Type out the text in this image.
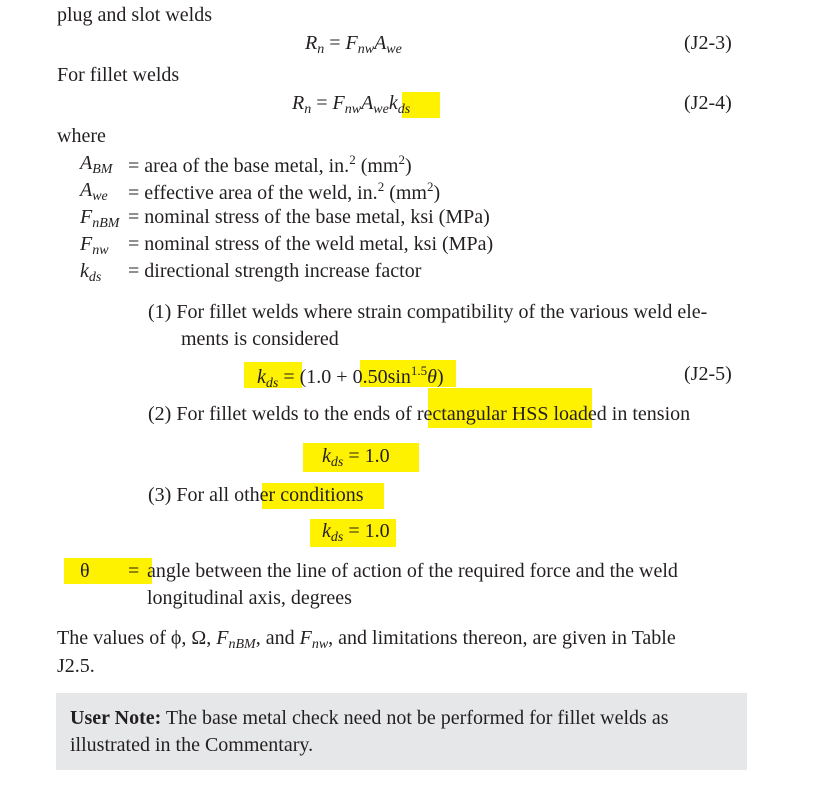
plug and slot welds
$R_n = F_{nw}A_{we}$	(J2-3)
For fillet welds
$R_n = F_{nw}A_{we}k_{ds}$	(J2-4)
where
$A_{BM}$ = area of the base metal, in.$^2$ $(mm^2)$
$A_{we}$ = effective area of the weld, in.$^2$ $(mm^2)$
$F_{nBM}$ = nominal stress of the base metal, ksi (MPa)
$F_{nw}$ = nominal stress of the weld metal, ksi (MPa)
$k_{ds}$ = directional strength increase factor
(1) For fillet welds where strain compatibility of the various weld ele-
ments is considered
$k_{ds} = (1.0 + 0.50\sin^{1.5}\theta)$	(J2-5)
(2) For fillet welds to the ends of rectangular HSS loaded in tension
$k_{ds} = 1.0$
(3) For all other conditions
$k_{ds} = 1.0$
θ = angle between the line of action of the required force and the weld
longitudinal axis, degrees
The values of ϕ, Ω, $F_{nBM}$, and $F_{nw}$, and limitations thereon, are given in Table
J2.5.
User Note: The base metal check need not be performed for fillet welds as illustrated in the Commentary.
